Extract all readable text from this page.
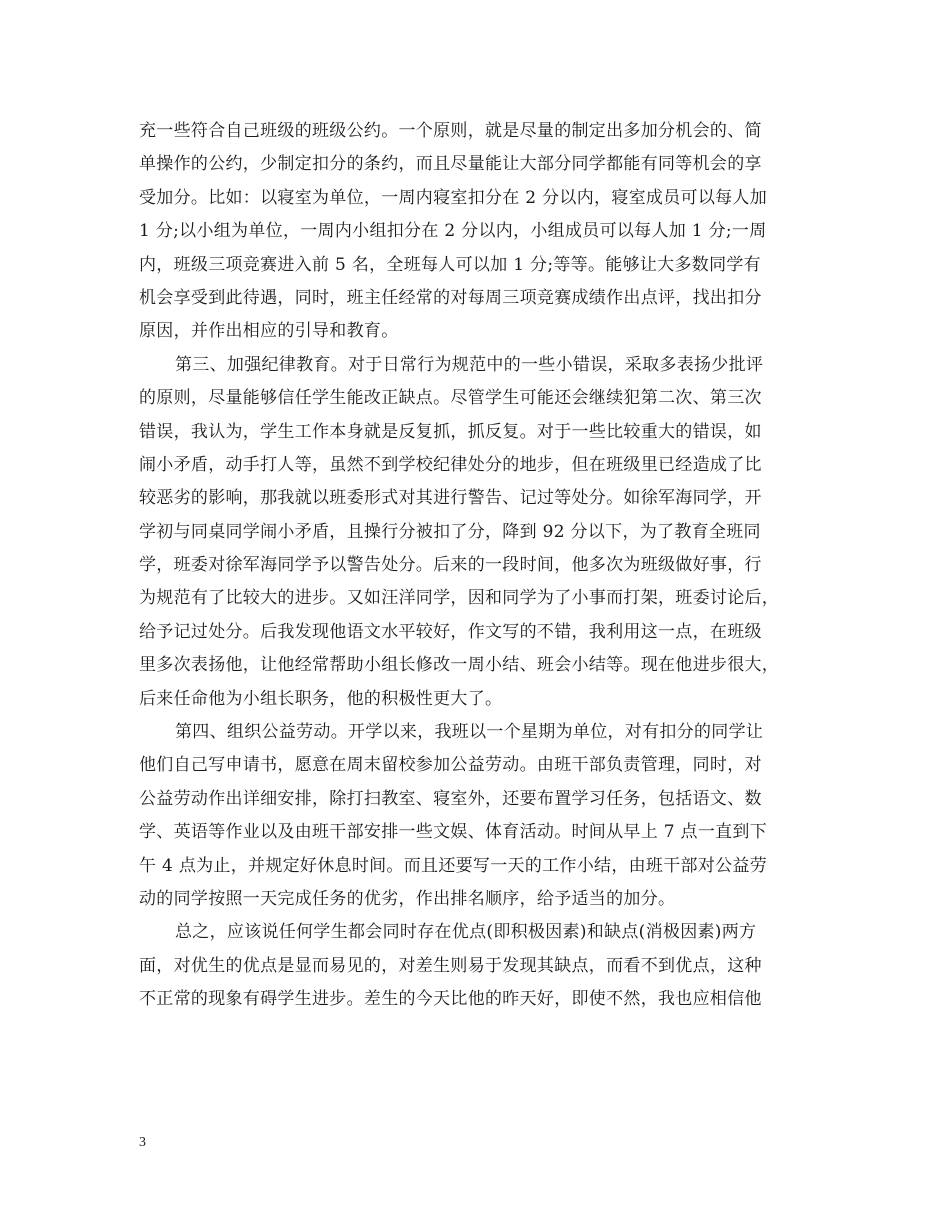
充一些符合自己班级的班级公约。一个原则，就是尽量的制定出多加分机会的、简
单操作的公约，少制定扣分的条约，而且尽量能让大部分同学都能有同等机会的享
受加分。比如：以寝室为单位，一周内寝室扣分在 2 分以内，寝室成员可以每人加
1 分;以小组为单位，一周内小组扣分在 2 分以内，小组成员可以每人加 1 分;一周
内，班级三项竞赛进入前 5 名，全班每人可以加 1 分;等等。能够让大多数同学有
机会享受到此待遇，同时，班主任经常的对每周三项竞赛成绩作出点评，找出扣分
原因，并作出相应的引导和教育。
第三、加强纪律教育。对于日常行为规范中的一些小错误，采取多表扬少批评
的原则，尽量能够信任学生能改正缺点。尽管学生可能还会继续犯第二次、第三次
错误，我认为，学生工作本身就是反复抓，抓反复。对于一些比较重大的错误，如
闹小矛盾，动手打人等，虽然不到学校纪律处分的地步，但在班级里已经造成了比
较恶劣的影响，那我就以班委形式对其进行警告、记过等处分。如徐军海同学，开
学初与同桌同学闹小矛盾，且操行分被扣了分，降到 92 分以下，为了教育全班同
学，班委对徐军海同学予以警告处分。后来的一段时间，他多次为班级做好事，行
为规范有了比较大的进步。又如汪洋同学，因和同学为了小事而打架，班委讨论后，
给予记过处分。后我发现他语文水平较好，作文写的不错，我利用这一点，在班级
里多次表扬他，让他经常帮助小组长修改一周小结、班会小结等。现在他进步很大，
后来任命他为小组长职务，他的积极性更大了。
第四、组织公益劳动。开学以来，我班以一个星期为单位，对有扣分的同学让
他们自己写申请书，愿意在周末留校参加公益劳动。由班干部负责管理，同时，对
公益劳动作出详细安排，除打扫教室、寝室外，还要布置学习任务，包括语文、数
学、英语等作业以及由班干部安排一些文娱、体育活动。时间从早上 7 点一直到下
午 4 点为止，并规定好休息时间。而且还要写一天的工作小结，由班干部对公益劳
动的同学按照一天完成任务的优劣，作出排名顺序，给予适当的加分。
总之，应该说任何学生都会同时存在优点(即积极因素)和缺点(消极因素)两方
面，对优生的优点是显而易见的，对差生则易于发现其缺点，而看不到优点，这种
不正常的现象有碍学生进步。差生的今天比他的昨天好，即使不然，我也应相信他
3
